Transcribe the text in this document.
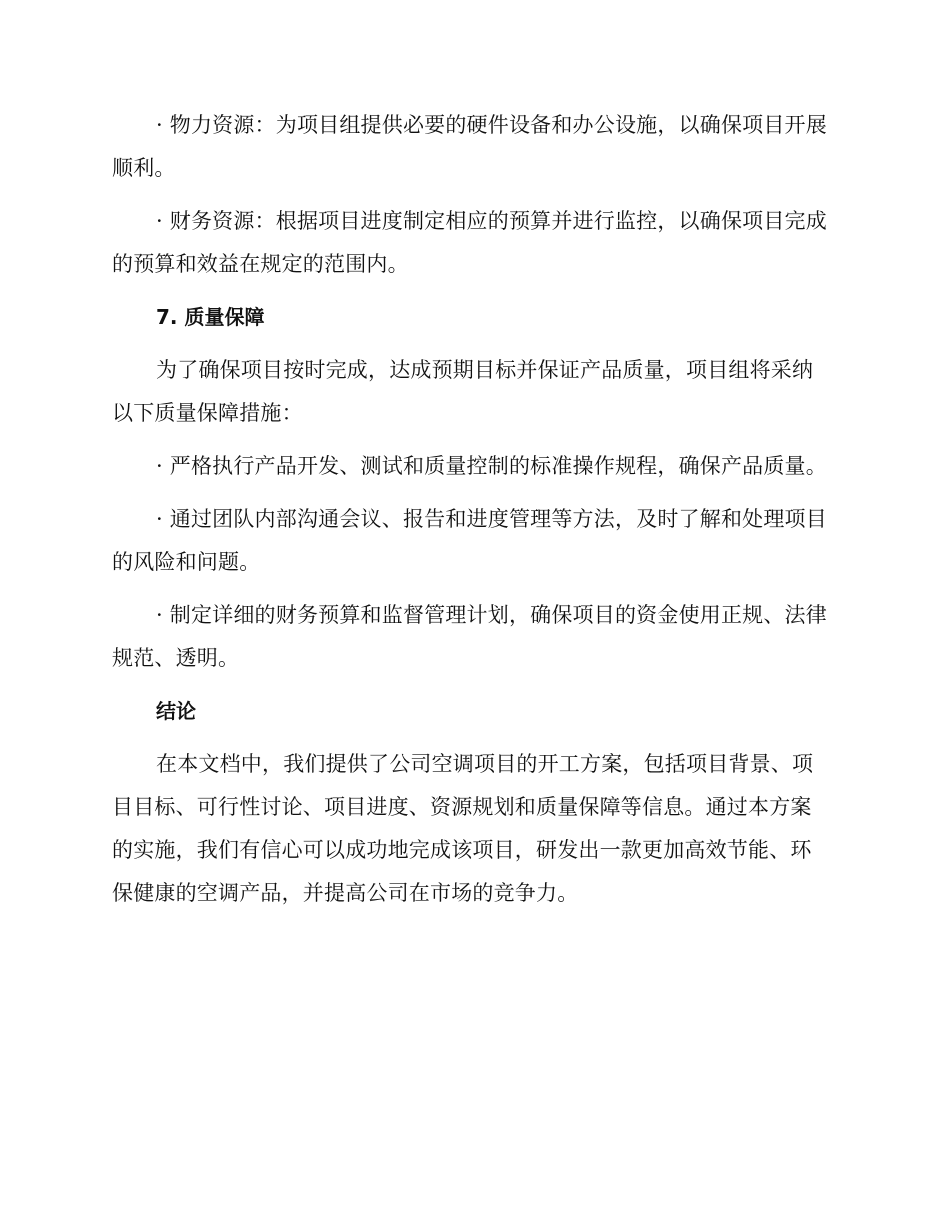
· 物力资源：为项目组提供必要的硬件设备和办公设施，以确保项目开展顺利。

· 财务资源：根据项目进度制定相应的预算并进行监控，以确保项目完成的预算和效益在规定的范围内。

7. 质量保障

为了确保项目按时完成，达成预期目标并保证产品质量，项目组将采纳以下质量保障措施：

· 严格执行产品开发、测试和质量控制的标准操作规程，确保产品质量。

· 通过团队内部沟通会议、报告和进度管理等方法，及时了解和处理项目的风险和问题。

· 制定详细的财务预算和监督管理计划，确保项目的资金使用正规、法律规范、透明。

结论

在本文档中，我们提供了公司空调项目的开工方案，包括项目背景、项目目标、可行性讨论、项目进度、资源规划和质量保障等信息。通过本方案的实施，我们有信心可以成功地完成该项目，研发出一款更加高效节能、环保健康的空调产品，并提高公司在市场的竞争力。
